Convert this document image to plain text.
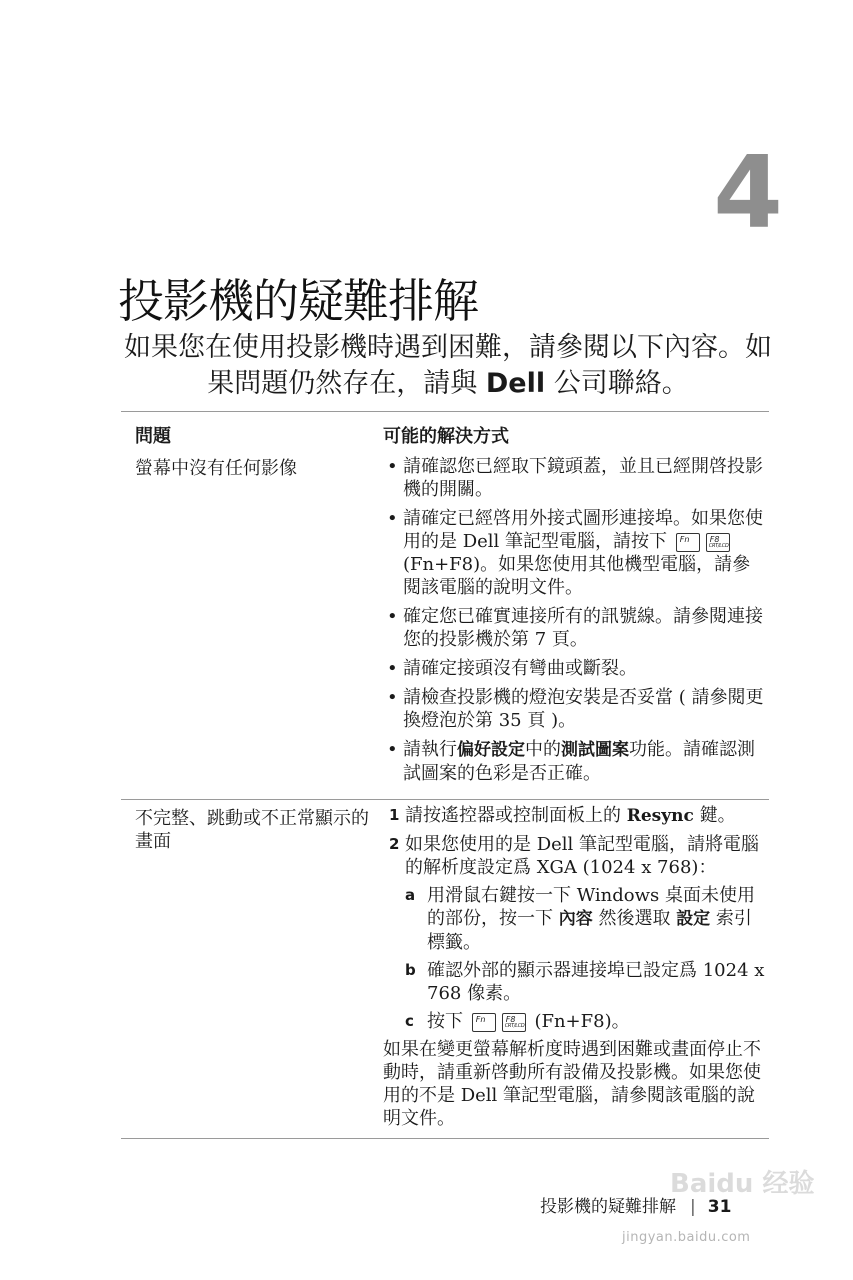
4
投影機的疑難排解
如果您在使用投影機時遇到困難，請參閱以下內容。如果問題仍然存在，請與 Dell 公司聯絡。
問題	可能的解決方式
螢幕中沒有任何影像
•	請確認您已經取下鏡頭蓋，並且已經開啓投影機的開關。
• 請確定已經啓用外接式圖形連接埠。如果您使用的是 Dell 筆記型電腦，請按下 Fn	F8
CRT/LCD
(Fn+F8)。如果您使用其他機型電腦，請參閱該電腦的說明文件。
• 確定您已確實連接所有的訊號線。請參閱連接您的投影機於第 7 頁。
• 請確定接頭沒有彎曲或斷裂。
• 請檢查投影機的燈泡安裝是否妥當 ( 請參閱更換燈泡於第 35 頁 )。
• 請執行偏好設定中的測試圖案功能。請確認測試圖案的色彩是否正確。
不完整、跳動或不正常顯示的畫面

1 請按遙控器或控制面板上的 Resync 鍵。

2 如果您使用的是 Dell 筆記型電腦，請將電腦的解析度設定爲 XGA (1024 x 768)：

a 用滑鼠右鍵按一下 Windows 桌面未使用的部份，按一下 內容 然後選取 設定 索引標籤。

b 確認外部的顯示器連接埠已設定爲 1024 x 768 像素。

c 按下 Fn	F8
CRT/LCD (Fn+F8)。

如果在變更螢幕解析度時遇到困難或畫面停止不動時，請重新啓動所有設備及投影機。如果您使用的不是 Dell 筆記型電腦，請參閱該電腦的說明文件。

Baidu 经验
投影機的疑難排解 | 31
jingyan.baidu.com
